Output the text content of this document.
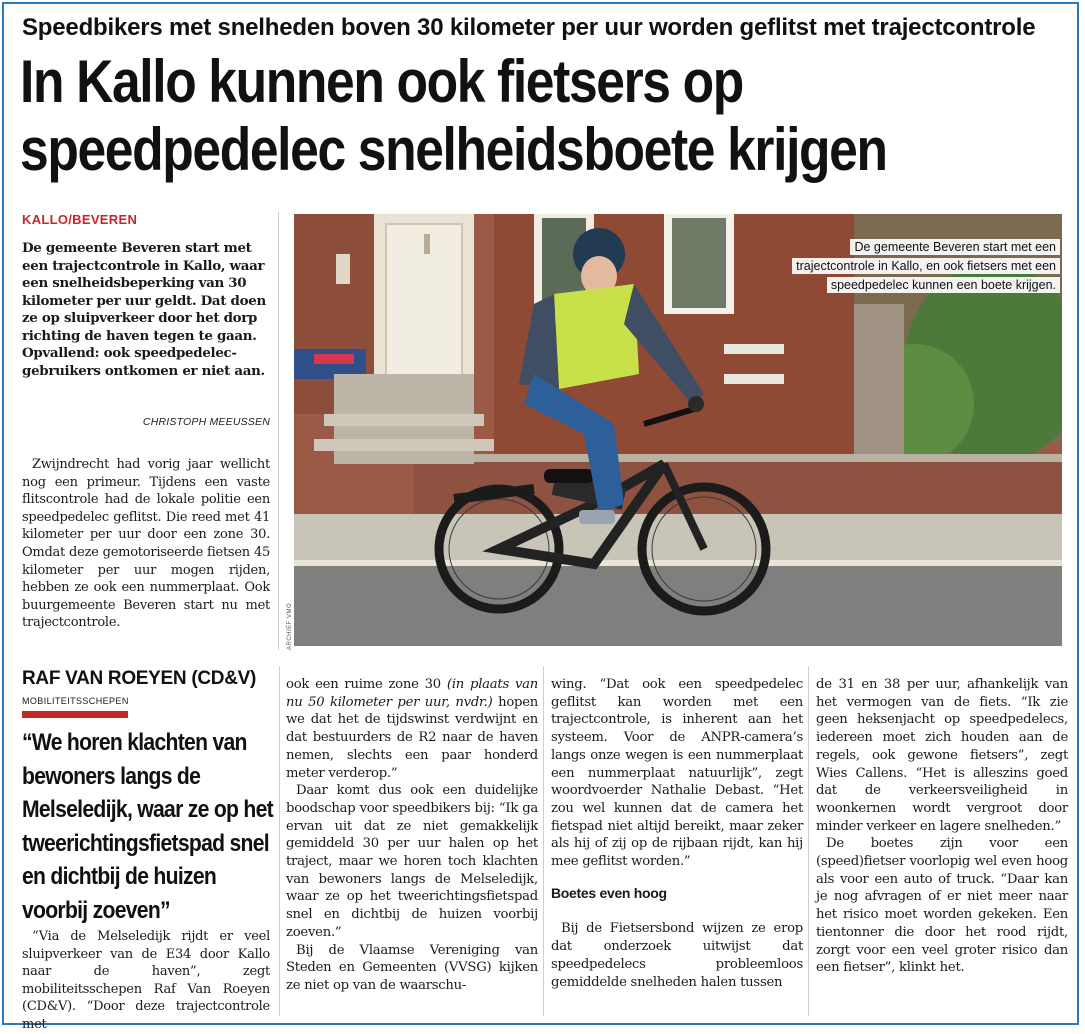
Speedbikers met snelheden boven 30 kilometer per uur worden geflitst met trajectcontrole
In Kallo kunnen ook fietsers op
speedpedelec snelheidsboete krijgen
KALLO/BEVEREN
De gemeente Beveren start met een trajectcontrole in Kallo, waar een snelheidsbeperking van 30 kilometer per uur geldt. Dat doen ze op sluipverkeer door het dorp richting de haven tegen te gaan. Opvallend: ook speedpedelec-gebruikers ontkomen er niet aan.
CHRISTOPH MEEUSSEN
Zwijndrecht had vorig jaar wellicht nog een primeur. Tijdens een vaste flitscontrole had de lokale politie een speedpedelec geflitst. Die reed met 41 kilometer per uur door een zone 30. Omdat deze gemotoriseerde fietsen 45 kilometer per uur mogen rijden, hebben ze ook een nummerplaat. Ook buurgemeente Beveren start nu met trajectcontrole.
De gemeente Beveren start met een trajectcontrole in Kallo, en ook fietsers met een speedpedelec kunnen een boete krijgen.
ARCHIEF VMO
RAF VAN ROEYEN (CD&V)
MOBILITEITSSCHEPEN
“We horen klachten van bewoners langs de Melseledijk, waar ze op het tweerichtingsfietspad snel en dichtbij de huizen voorbij zoeven”
“Via de Melseledijk rijdt er veel sluipverkeer van de E34 door Kallo naar de haven”, zegt mobiliteitsschepen Raf Van Roeyen (CD&V). “Door deze trajectcontrole met

ook een ruime zone 30 (in plaats van nu 50 kilometer per uur, nvdr.) hopen we dat het de tijdswinst verdwijnt en dat bestuurders de R2 naar de haven nemen, slechts een paar honderd meter verderop.”

Daar komt dus ook een duidelijke boodschap voor speedbikers bij: “Ik ga ervan uit dat ze niet gemakkelijk gemiddeld 30 per uur halen op het traject, maar we horen toch klachten van bewoners langs de Melseledijk, waar ze op het tweerichtingsfietspad snel en dichtbij de huizen voorbij zoeven.”

Bij de Vlaamse Vereniging van Steden en Gemeenten (VVSG) kijken ze niet op van de waarschu-

wing. “Dat ook een speedpedelec geflitst kan worden met een trajectcontrole, is inherent aan het systeem. Voor de ANPR-camera’s langs onze wegen is een nummerplaat een nummerplaat natuurlijk”, zegt woordvoerder Nathalie Debast. “Het zou wel kunnen dat de camera het fietspad niet altijd bereikt, maar zeker als hij of zij op de rijbaan rijdt, kan hij mee geflitst worden.”

Boetes even hoog

Bij de Fietsersbond wijzen ze erop dat onderzoek uitwijst dat speedpedelecs probleemloos gemiddelde snelheden halen tussen

de 31 en 38 per uur, afhankelijk van het vermogen van de fiets. “Ik zie geen heksenjacht op speedpedelecs, iedereen moet zich houden aan de regels, ook gewone fietsers”, zegt Wies Callens. “Het is alleszins goed dat de verkeersveiligheid in woonkernen wordt vergroot door minder verkeer en lagere snelheden.”

De boetes zijn voor een (speed)fietser voorlopig wel even hoog als voor een auto of truck. “Daar kan je nog afvragen of er niet meer naar het risico moet worden gekeken. Een tientonner die door het rood rijdt, zorgt voor een veel groter risico dan een fietser”, klinkt het.
